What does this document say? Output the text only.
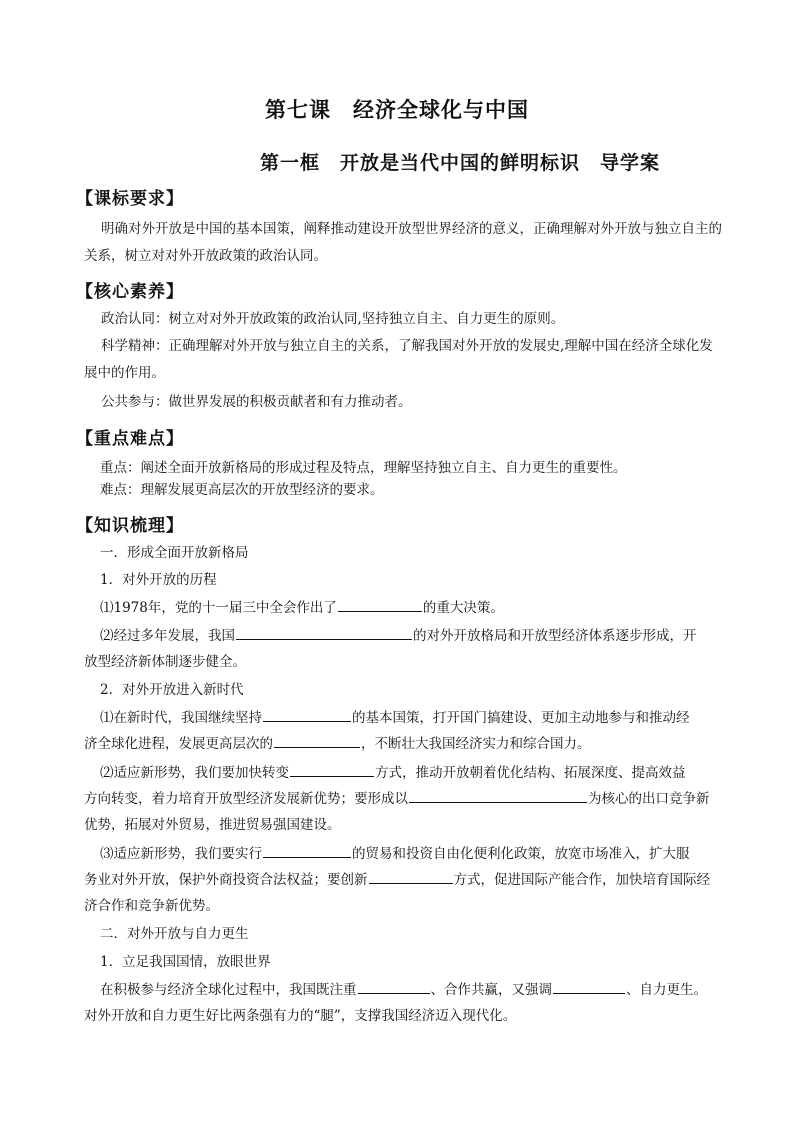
第七课　经济全球化与中国
第一框　开放是当代中国的鲜明标识　导学案
【课标要求】

明确对外开放是中国的基本国策，阐释推动建设开放型世界经济的意义，正确理解对外开放与独立自主的关系，树立对对外开放政策的政治认同。

【核心素养】

政治认同：树立对对外开放政策的政治认同,坚持独立自主、自力更生的原则。

科学精神：正确理解对外开放与独立自主的关系，了解我国对外开放的发展史,理解中国在经济全球化发展中的作用。

公共参与：做世界发展的积极贡献者和有力推动者。

【重点难点】

重点：阐述全面开放新格局的形成过程及特点，理解坚持独立自主、自力更生的重要性。

难点：理解发展更高层次的开放型经济的要求。

【知识梳理】

一．形成全面开放新格局

1．对外开放的历程

⑴1978年，党的十一届三中全会作出了	的重大决策。

⑵经过多年发展，我国	的对外开放格局和开放型经济体系逐步形成，开

放型经济新体制逐步健全。

2．对外开放进入新时代

⑴在新时代，我国继续坚持	的基本国策，打开国门搞建设、更加主动地参与和推动经

济全球化进程，发展更高层次的	，不断壮大我国经济实力和综合国力。

⑵适应新形势，我们要加快转变	方式，推动开放朝着优化结构、拓展深度、提高效益

方向转变，着力培育开放型经济发展新优势；要形成以	为核心的出口竞争新

优势，拓展对外贸易，推进贸易强国建设。

⑶适应新形势，我们要实行	的贸易和投资自由化便利化政策，放宽市场准入，扩大服

务业对外开放，保护外商投资合法权益；要创新	方式，促进国际产能合作，加快培育国际经

济合作和竞争新优势。

二．对外开放与自力更生

1．立足我国国情，放眼世界

在积极参与经济全球化过程中，我国既注重	、合作共赢，又强调	、自力更生。

对外开放和自力更生好比两条强有力的“腿”，支撑我国经济迈入现代化。
